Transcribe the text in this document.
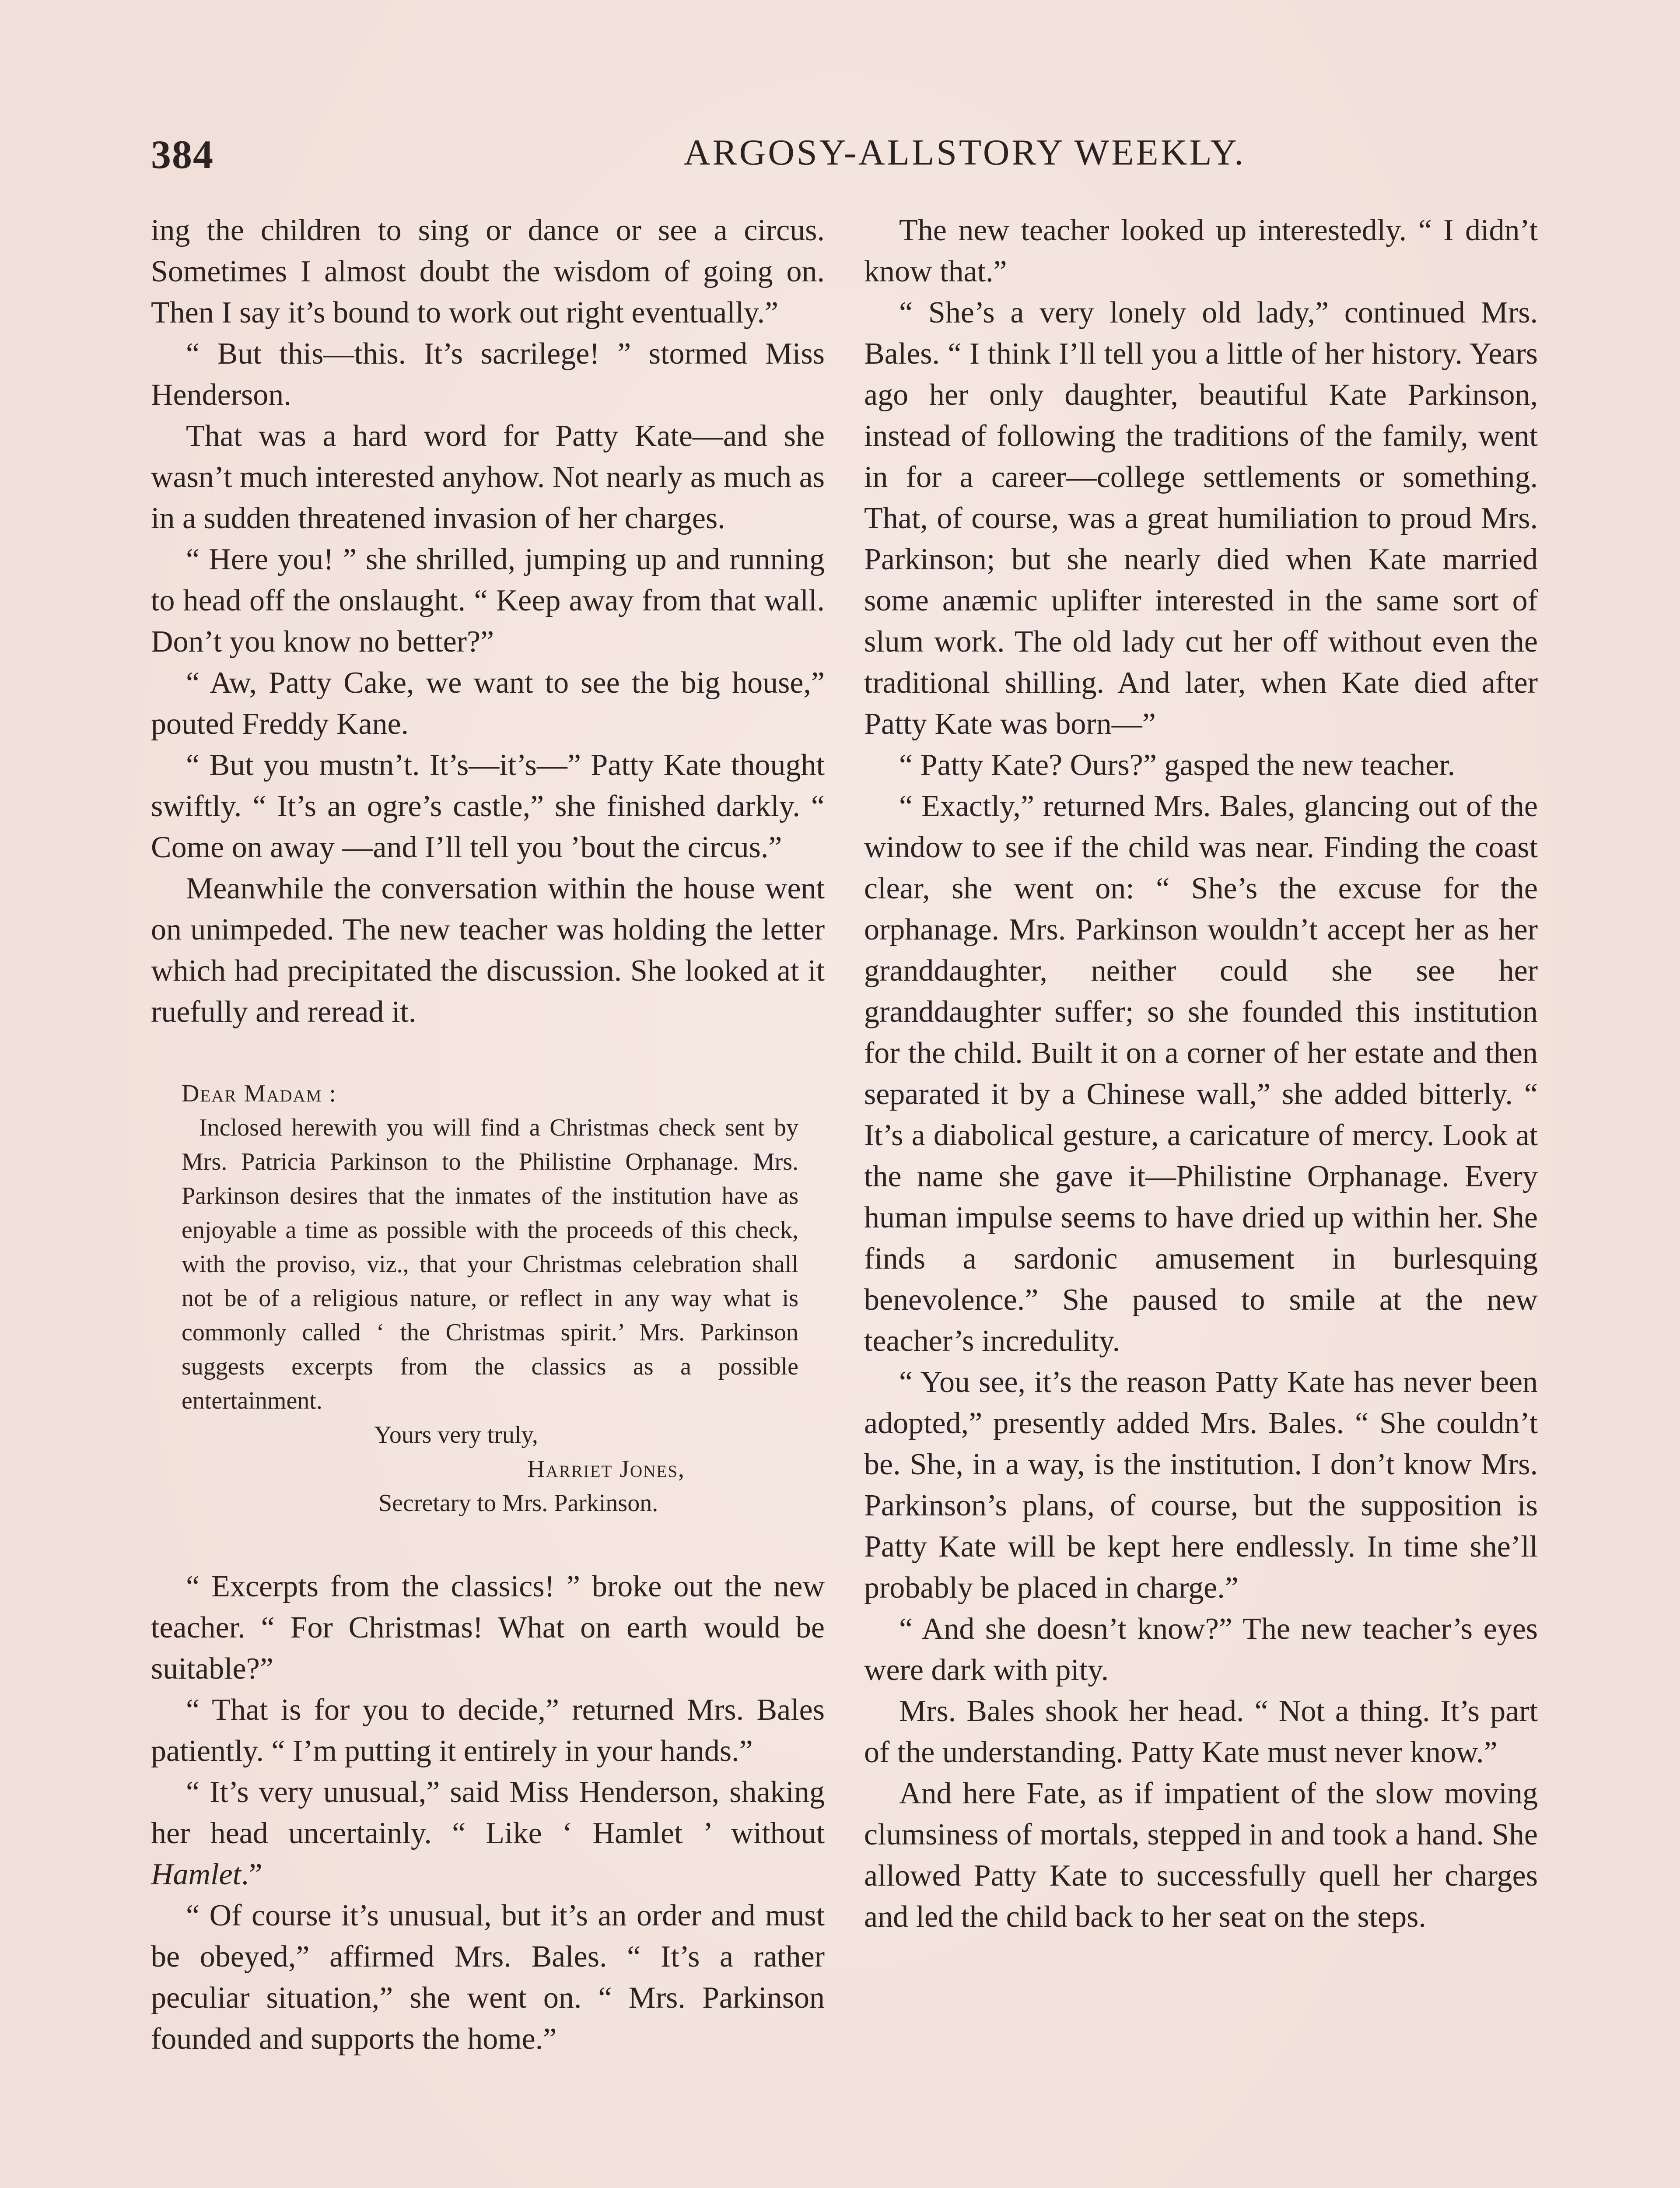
384	ARGOSY-ALLSTORY WEEKLY.

ing the children to sing or dance or see a circus. Sometimes I almost doubt the wisdom of going on. Then I say it’s bound to work out right eventually.”

“ But this—this. It’s sacrilege! ” stormed Miss Henderson.

That was a hard word for Patty Kate—and she wasn’t much interested anyhow. Not nearly as much as in a sudden threatened invasion of her charges.

“ Here you! ” she shrilled, jumping up and running to head off the onslaught. “ Keep away from that wall. Don’t you know no better?”

“ Aw, Patty Cake, we want to see the big house,” pouted Freddy Kane.

“ But you mustn’t. It’s—it’s—” Patty Kate thought swiftly. “ It’s an ogre’s castle,” she finished darkly. “ Come on away —and I’ll tell you ’bout the circus.”

Meanwhile the conversation within the house went on unimpeded. The new teacher was holding the letter which had precipitated the discussion. She looked at it ruefully and reread it.

Dear Madam :

Inclosed herewith you will find a Christmas check sent by Mrs. Patricia Parkinson to the Philistine Orphanage. Mrs. Parkinson desires that the inmates of the institution have as enjoyable a time as possible with the proceeds of this check, with the proviso, viz., that your Christmas celebration shall not be of a religious nature, or reflect in any way what is commonly called ‘ the Christmas spirit.’ Mrs. Parkinson suggests excerpts from the classics as a possible entertainment.

Yours very truly,

Harriet Jones,

Secretary to Mrs. Parkinson.

“ Excerpts from the classics! ” broke out the new teacher. “ For Christmas! What on earth would be suitable?”

“ That is for you to decide,” returned Mrs. Bales patiently. “ I’m putting it entirely in your hands.”

“ It’s very unusual,” said Miss Henderson, shaking her head uncertainly. “ Like ‘ Hamlet ’ without Hamlet.”

“ Of course it’s unusual, but it’s an order and must be obeyed,” affirmed Mrs. Bales. “ It’s a rather peculiar situation,” she went on. “ Mrs. Parkinson founded and supports the home.”

The new teacher looked up interestedly. “ I didn’t know that.”

“ She’s a very lonely old lady,” continued Mrs. Bales. “ I think I’ll tell you a little of her history. Years ago her only daughter, beautiful Kate Parkinson, instead of following the traditions of the family, went in for a career—college settlements or something. That, of course, was a great humiliation to proud Mrs. Parkinson; but she nearly died when Kate married some anæmic uplifter interested in the same sort of slum work. The old lady cut her off without even the traditional shilling. And later, when Kate died after Patty Kate was born—”

“ Patty Kate? Ours?” gasped the new teacher.

“ Exactly,” returned Mrs. Bales, glancing out of the window to see if the child was near. Finding the coast clear, she went on: “ She’s the excuse for the orphanage. Mrs. Parkinson wouldn’t accept her as her granddaughter, neither could she see her granddaughter suffer; so she founded this institution for the child. Built it on a corner of her estate and then separated it by a Chinese wall,” she added bitterly. “ It’s a diabolical gesture, a caricature of mercy. Look at the name she gave it—Philistine Orphanage. Every human impulse seems to have dried up within her. She finds a sardonic amusement in burlesquing benevolence.” She paused to smile at the new teacher’s incredulity.

“ You see, it’s the reason Patty Kate has never been adopted,” presently added Mrs. Bales. “ She couldn’t be. She, in a way, is the institution. I don’t know Mrs. Parkinson’s plans, of course, but the supposition is Patty Kate will be kept here endlessly. In time she’ll probably be placed in charge.”

“ And she doesn’t know?” The new teacher’s eyes were dark with pity.

Mrs. Bales shook her head. “ Not a thing. It’s part of the understanding. Patty Kate must never know.”

And here Fate, as if impatient of the slow moving clumsiness of mortals, stepped in and took a hand. She allowed Patty Kate to successfully quell her charges and led the child back to her seat on the steps.
